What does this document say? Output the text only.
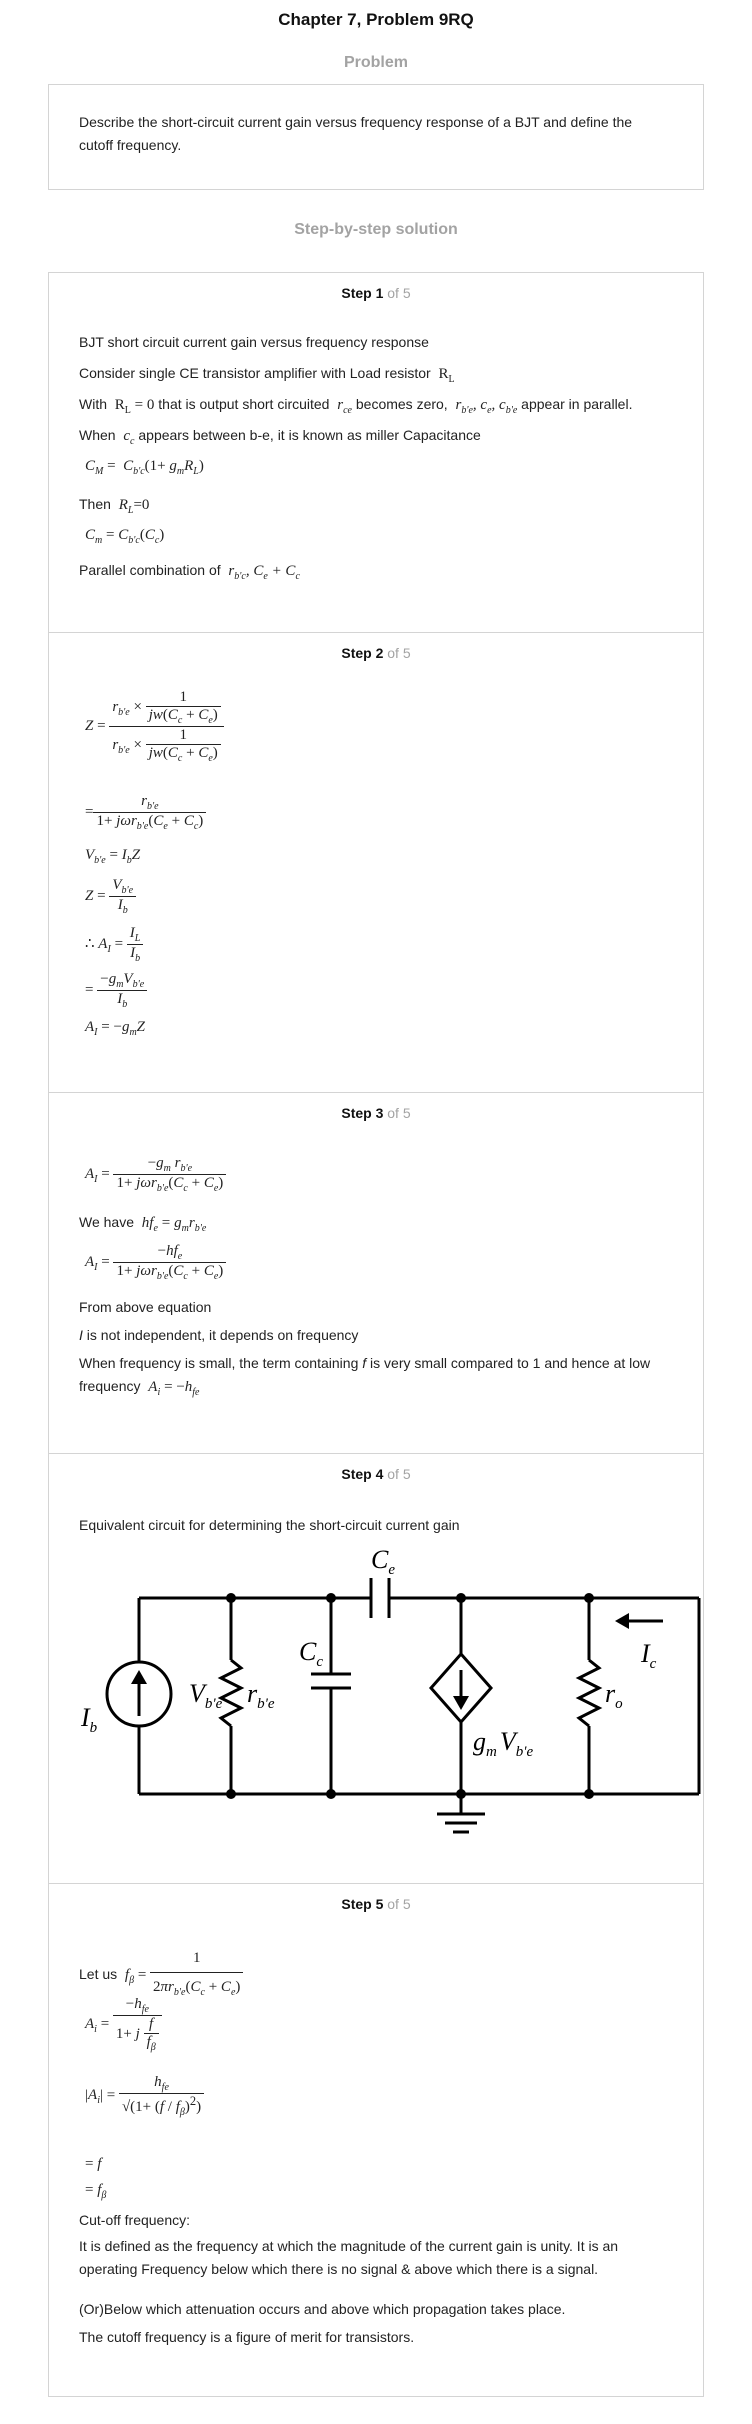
Chapter 7, Problem 9RQ
Problem
Describe the short-circuit current gain versus frequency response of a BJT and define the cutoff frequency.
Step-by-step solution
Step 1 of 5
BJT short circuit current gain versus frequency response
Consider single CE transistor amplifier with Load resistor $R_L$
With $R_L = 0$ that is output short circuited $r_{ce}$ becomes zero, $r_{b'e}$, $c_e$, $c_{b'e}$ appear in parallel.
When $c_c$ appears between b-e, it is known as miller Capacitance
$C_M = C_{b'c}(1+ g_mR_L)$
Then $R_L=0$
$C_m = C_{b'c}(C_c)$
Parallel combination of $r_{b'c}$, $C_e + C_c$
Step 2 of 5
$Z = \frac{r_{b'e} \times \frac{1}{jw(C_c + C_e)}}{r_{b'e} \times \frac{1}{jw(C_c + C_e)}}$
= $\frac{r_{b'e}}{1+ j\omega r_{b'e}(C_e + C_c)}$
$V_{b'e} = I_bZ$
$Z = \frac{V_{b'e}}{I_b}$
∴ $A_I = \frac{I_L}{I_b}$
= $\frac{-g_mV_{b'e}}{I_b}$
$A_I = -g_mZ$
Step 3 of 5
$A_I = \frac{-g_m r_{b'e}}{1+ j\omega r_{b'e}(C_c + C_e)}$
We have $hf_e = g_mr_{b'e}$
$A_I = \frac{-hf_e}{1+ j\omega r_{b'e}(C_c + C_e)}$
From above equation
I is not independent, it depends on frequency
When frequency is small, the term containing f is very small compared to 1 and hence at low frequency $A_i = -h_{fe}$
Step 4 of 5
Equivalent circuit for determining the short-circuit current gain
$I_b$
$V_{b'e}$ $r_{b'e}$
$C_c$
$C_e$
$g_m$ $V_{b'e}$
$r_o$
$I_c$
Step 5 of 5
Let us $f_\beta = \frac{1}{2\pi r_{b'e}(C_c + C_e)}$
$A_i = \frac{-h_{fe}}{1+ j \frac{f}{f_\beta}}$
$|A_i| = \frac{h_{fe}}{√(1+ (f / f_\beta)^2)}$
= f
= $f_\beta$
Cut-off frequency:
It is defined as the frequency at which the magnitude of the current gain is unity. It is an operating Frequency below which there is no signal & above which there is a signal.
(Or)Below which attenuation occurs and above which propagation takes place.
The cutoff frequency is a figure of merit for transistors.
